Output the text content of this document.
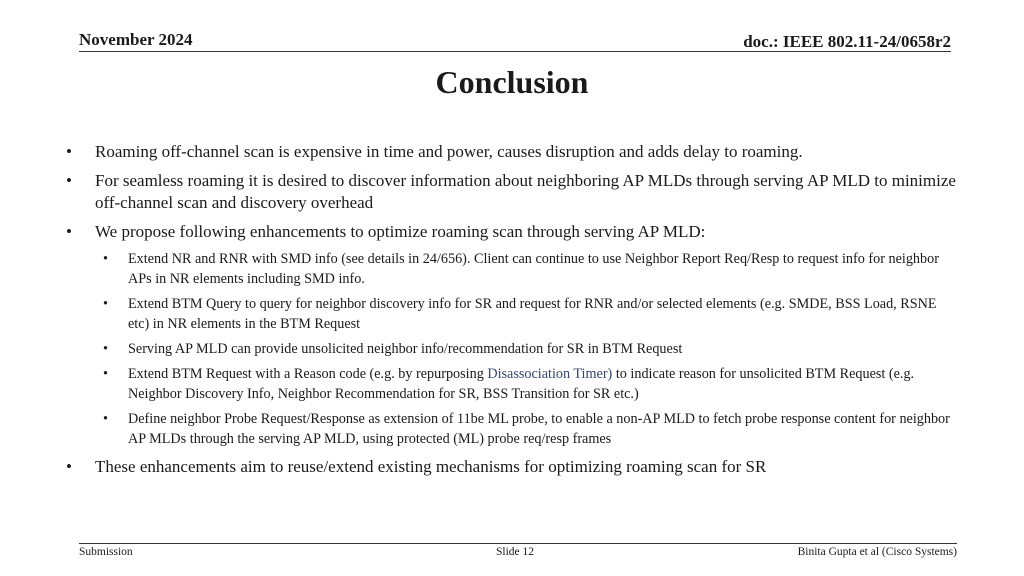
November 2024	doc.: IEEE 802.11-24/0658r2
Conclusion
• Roaming off-channel scan is expensive in time and power, causes disruption and adds delay to roaming.
• For seamless roaming it is desired to discover information about neighboring AP MLDs through serving AP MLD to minimize off-channel scan and discovery overhead
• We propose following enhancements to optimize roaming scan through serving AP MLD:
• Extend NR and RNR with SMD info (see details in 24/656). Client can continue to use Neighbor Report Req/Resp to request info for neighbor APs in NR elements including SMD info.
• Extend BTM Query to query for neighbor discovery info for SR and request for RNR and/or selected elements (e.g. SMDE, BSS Load, RSNE etc) in NR elements in the BTM Request
• Serving AP MLD can provide unsolicited neighbor info/recommendation for SR in BTM Request
• Extend BTM Request with a Reason code (e.g. by repurposing Disassociation Timer) to indicate reason for unsolicited BTM Request (e.g. Neighbor Discovery Info, Neighbor Recommendation for SR, BSS Transition for SR etc.)
• Define neighbor Probe Request/Response as extension of 11be ML probe, to enable a non-AP MLD to fetch probe response content for neighbor AP MLDs through the serving AP MLD, using protected (ML) probe req/resp frames
• These enhancements aim to reuse/extend existing mechanisms for optimizing roaming scan for SR
Submission	Slide 12	Binita Gupta et al (Cisco Systems)
